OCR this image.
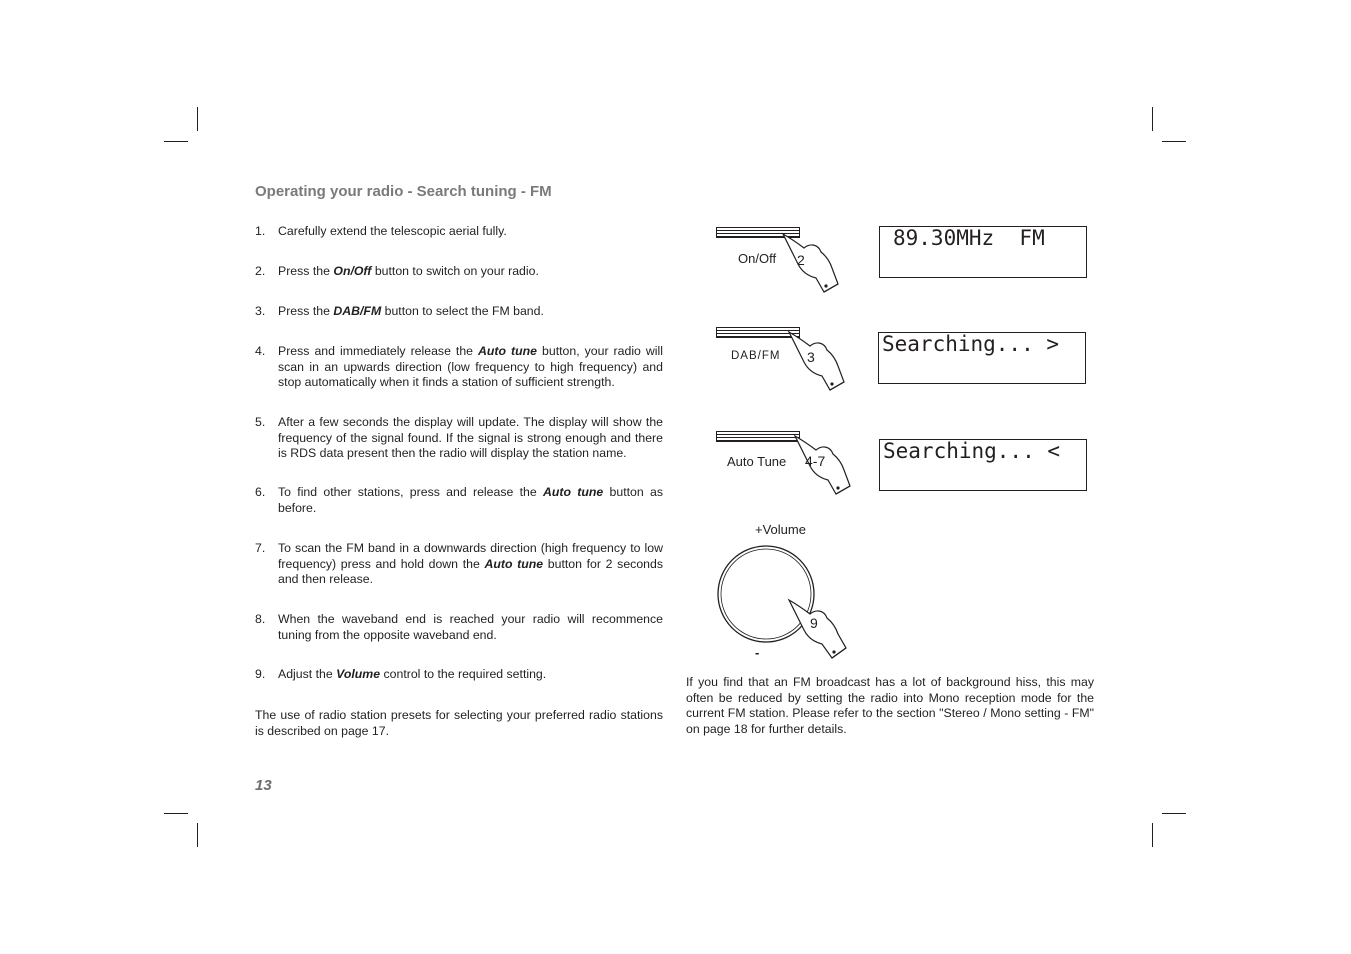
Operating your radio - Search tuning - FM
1. Carefully extend the telescopic aerial fully.
2. Press the On/Off button to switch on your radio.
3. Press the DAB/FM button to select the FM band.
4. Press and immediately release the Auto tune button, your radio will scan in an upwards direction (low frequency to high frequency) and stop automatically when it finds a station of sufficient strength.
5. After a few seconds the display will update. The display will show the frequency of the signal found. If the signal is strong enough and there is RDS data present then the radio will display the station name.
6. To find other stations, press and release the Auto tune button as before.
7. To scan the FM band in a downwards direction (high frequency to low frequency) press and hold down the Auto tune button for 2 seconds and then release.
8. When the waveband end is reached your radio will recommence tuning from the opposite waveband end.
9. Adjust the Volume control to the required setting.
The use of radio station presets for selecting your preferred radio stations is described on page 17.
13
On/Off 2
89.30MHz  FM
DAB/FM 3
Searching... >
Auto Tune 4-7	Searching... <
+Volume
9
-
If you find that an FM broadcast has a lot of background hiss, this may often be reduced by setting the radio into Mono reception mode for the current FM station. Please refer to the section "Stereo / Mono setting - FM" on page 18 for further details.
